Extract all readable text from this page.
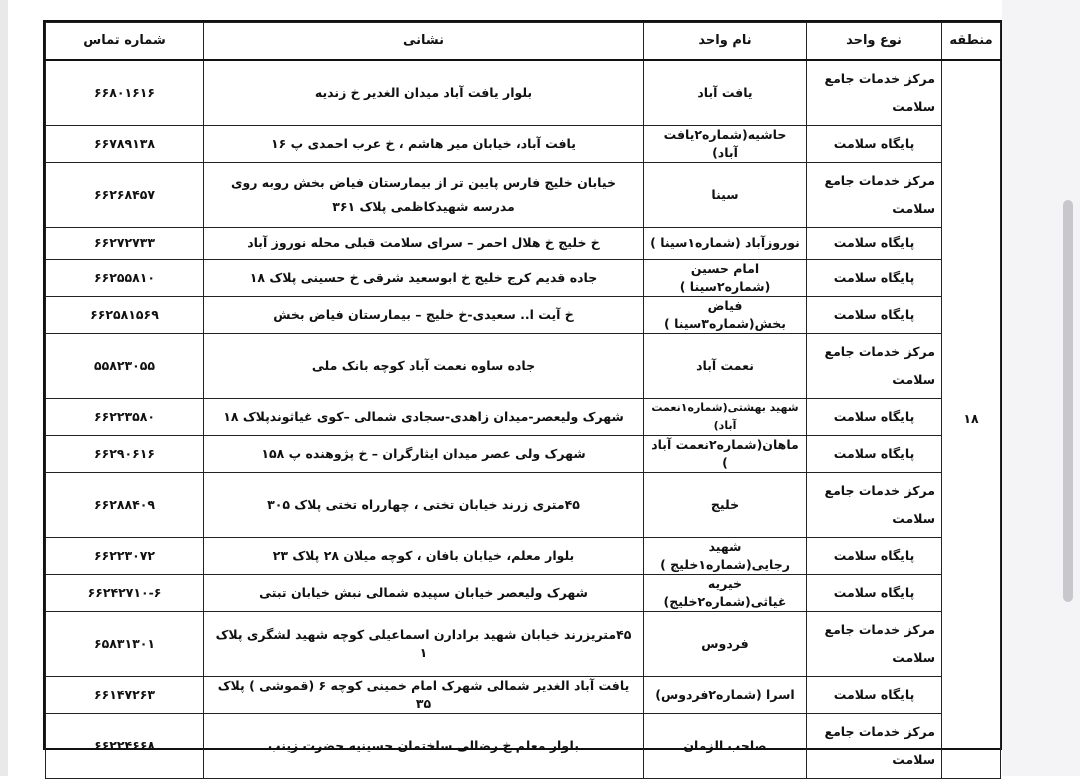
منطقه	نوع واحد	نام واحد	نشانی	شماره تماس
۱۸	مرکز خدمات جامع سلامت	یافت آباد	بلوار یافت آباد میدان الغدیر خ زندیه	۶۶۸۰۱۶۱۶
	پایگاه سلامت	حاشیه(شماره۲یافت آباد)	یافت آباد، خیابان میر هاشم ، خ عرب احمدی پ ۱۶	۶۶۷۸۹۱۳۸
	مرکز خدمات جامع سلامت	سینا	خیابان خلیج فارس پایین تر از بیمارستان فیاض بخش روبه روی مدرسه شهیدکاظمی پلاک ۳۶۱	۶۶۲۶۸۴۵۷
	پایگاه سلامت	نوروزآباد (شماره۱سینا )	خ خلیج خ هلال احمر – سرای سلامت قبلی محله نوروز آباد	۶۶۲۷۲۷۳۳
	پایگاه سلامت	امام حسین (شماره۲سینا )	جاده قدیم کرج خلیج خ ابوسعید شرقی خ حسینی پلاک ۱۸	۶۶۲۵۵۸۱۰
	پایگاه سلامت	فیاض بخش(شماره۳سینا )	خ آیت ا.. سعیدی-خ خلیج – بیمارستان فیاض بخش	۶۶۲۵۸۱۵۶۹
	مرکز خدمات جامع سلامت	نعمت آباد	جاده ساوه نعمت آباد کوچه بانک ملی	۵۵۸۲۳۰۵۵
	پایگاه سلامت	شهید بهشتی(شماره۱نعمت آباد)	شهرک ولیعصر-میدان زاهدی-سجادی شمالی –کوی غیاثوندپلاک ۱۸	۶۶۲۲۳۵۸۰
	پایگاه سلامت	ماهان(شماره۲نعمت آباد )	شهرک ولی عصر میدان ایثارگران – خ پژوهنده پ ۱۵۸	۶۶۲۹۰۶۱۶
	مرکز خدمات جامع سلامت	خلیج	۴۵متری زرند خیابان تختی ، چهارراه تختی پلاک ۳۰۵	۶۶۲۸۸۴۰۹
	پایگاه سلامت	شهید رجایی(شماره۱خلیج )	بلوار معلم، خیابان بافان ، کوچه میلان ۲۸ پلاک ۲۳	۶۶۲۲۳۰۷۲
	پایگاه سلامت	خیریه غیاثی(شماره۲خلیج)	شهرک ولیعصر خیابان سپیده شمالی نبش خیابان تبتی	۶۶۲۴۲۷۱۰-۶
	مرکز خدمات جامع سلامت	فردوس	۴۵متریزرند خیابان شهید برادارن اسماعیلی کوچه شهید لشگری پلاک ۱	۶۵۸۳۱۳۰۱
	پایگاه سلامت	اسرا (شماره۲فردوس)	یافت آباد الغدیر شمالی شهرک امام خمینی کوچه ۶ (قموشی ) پلاک ۳۵	۶۶۱۴۷۲۶۳
	مرکز خدمات جامع سلامت	صاحب الزمان	بلوار معلم خ رضالی ساختمان حسینیه حضرت زینب	۶۶۲۲۴۶۶۸
